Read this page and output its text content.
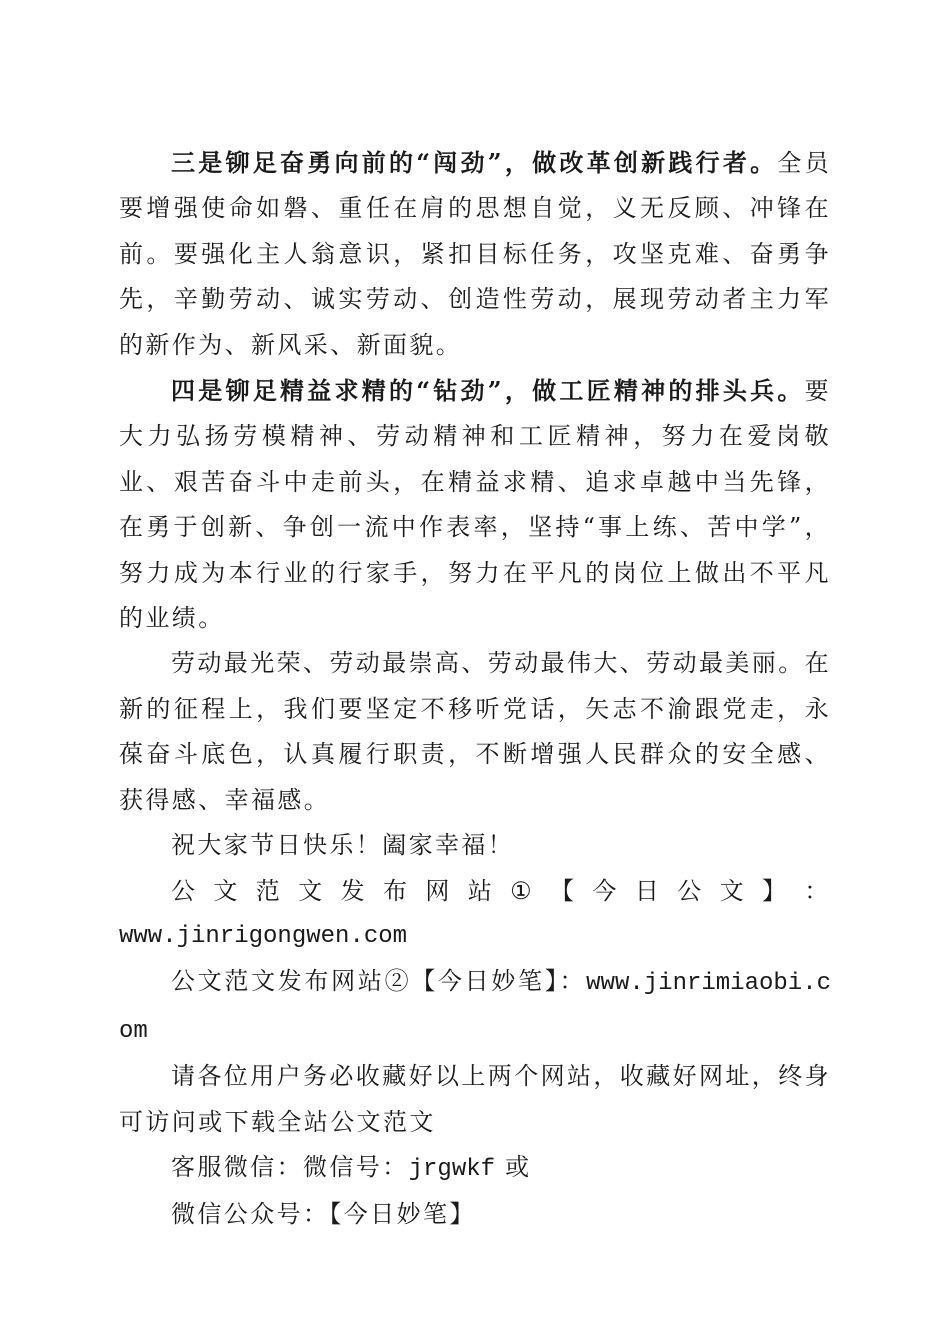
三是铆足奋勇向前的“闯劲”，做改革创新践行者。全员要增强使命如磐、重任在肩的思想自觉，义无反顾、冲锋在前。要强化主人翁意识，紧扣目标任务，攻坚克难、奋勇争先，辛勤劳动、诚实劳动、创造性劳动，展现劳动者主力军的新作为、新风采、新面貌。

四是铆足精益求精的“钻劲”，做工匠精神的排头兵。要大力弘扬劳模精神、劳动精神和工匠精神，努力在爱岗敬业、艰苦奋斗中走前头，在精益求精、追求卓越中当先锋，在勇于创新、争创一流中作表率，坚持“事上练、苦中学”，努力成为本行业的行家手，努力在平凡的岗位上做出不平凡的业绩。

劳动最光荣、劳动最崇高、劳动最伟大、劳动最美丽。在新的征程上，我们要坚定不移听党话，矢志不渝跟党走，永葆奋斗底色，认真履行职责，不断增强人民群众的安全感、获得感、幸福感。

祝大家节日快乐！阖家幸福！

公 文 范 文 发 布 网 站 ① 【 今 日 公 文 】 ：
www.jinrigongwen.com

公文范文发布网站②【今日妙笔】：www.jinrimiaobi.com

请各位用户务必收藏好以上两个网站，收藏好网址，终身可访问或下载全站公文范文

客服微信：微信号：jrgwkf 或

微信公众号：【今日妙笔】
